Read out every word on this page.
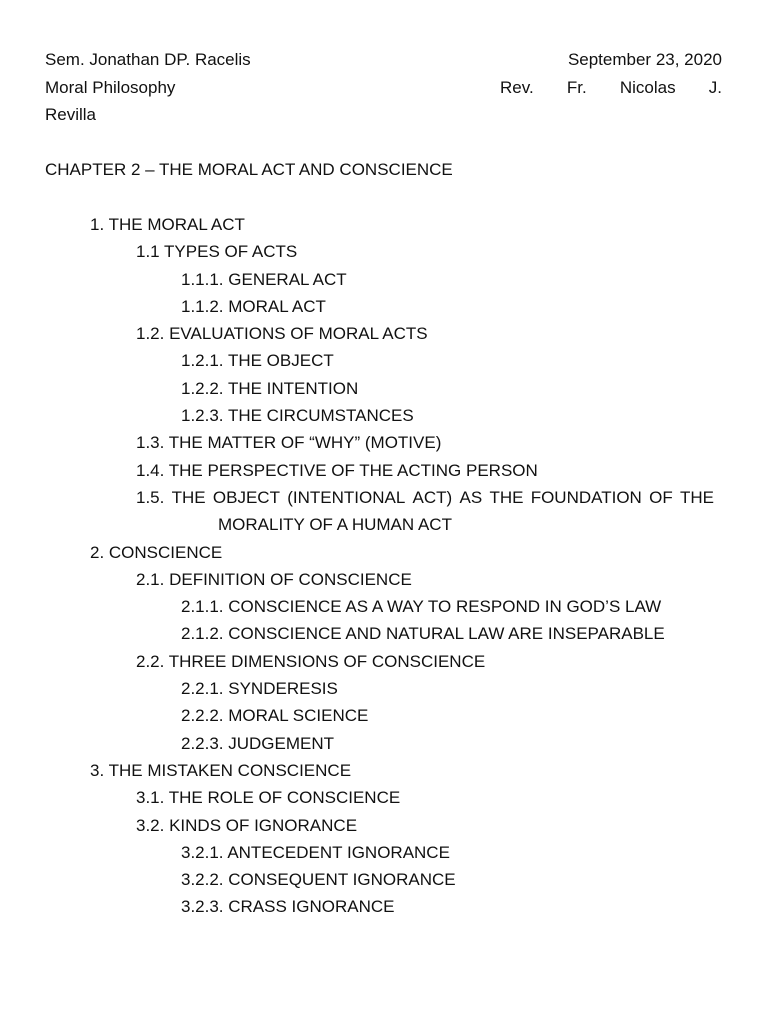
Sem. Jonathan DP. Racelis
Moral Philosophy
Revilla
September 23, 2020
Rev. Fr. Nicolas J.
CHAPTER 2 – THE MORAL ACT AND CONSCIENCE
1. THE MORAL ACT
1.1 TYPES OF ACTS
1.1.1. GENERAL ACT
1.1.2. MORAL ACT
1.2. EVALUATIONS OF MORAL ACTS
1.2.1. THE OBJECT
1.2.2. THE INTENTION
1.2.3. THE CIRCUMSTANCES
1.3. THE MATTER OF “WHY” (MOTIVE)
1.4. THE PERSPECTIVE OF THE ACTING PERSON
1.5. THE OBJECT (INTENTIONAL ACT) AS THE FOUNDATION OF THE
MORALITY OF A HUMAN ACT
2. CONSCIENCE
2.1. DEFINITION OF CONSCIENCE
2.1.1. CONSCIENCE AS A WAY TO RESPOND IN GOD’S LAW
2.1.2. CONSCIENCE AND NATURAL LAW ARE INSEPARABLE
2.2. THREE DIMENSIONS OF CONSCIENCE
2.2.1. SYNDERESIS
2.2.2. MORAL SCIENCE
2.2.3. JUDGEMENT
3. THE MISTAKEN CONSCIENCE
3.1. THE ROLE OF CONSCIENCE
3.2. KINDS OF IGNORANCE
3.2.1. ANTECEDENT IGNORANCE
3.2.2. CONSEQUENT IGNORANCE
3.2.3. CRASS IGNORANCE
